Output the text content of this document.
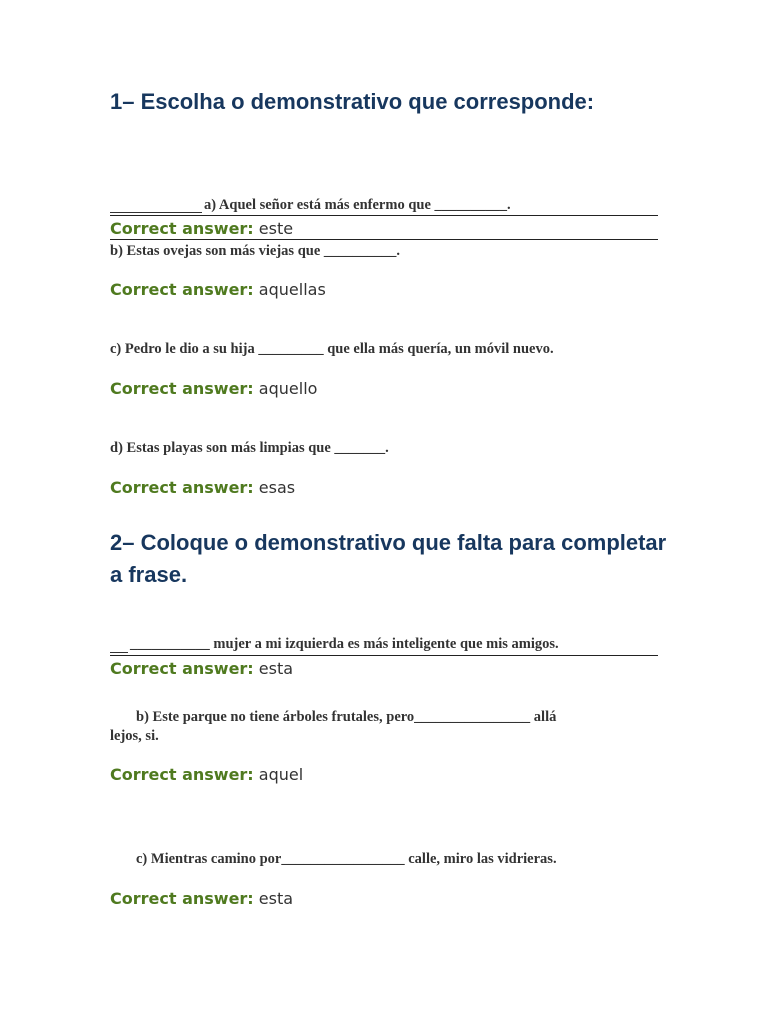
1– Escolha o demonstrativo que corresponde:

a) Aquel señor está más enfermo que __________.

Correct answer: este

b) Estas ovejas son más viejas que __________.

Correct answer: aquellas

c) Pedro le dio a su hija _________ que ella más quería, un móvil nuevo.

Correct answer: aquello

d) Estas playas son más limpias que _______.

Correct answer: esas

2– Coloque o demonstrativo que falta para completar a frase.

___________ mujer a mi izquierda es más inteligente que mis amigos.

Correct answer: esta

b) Este parque no tiene árboles frutales, pero________________ allá

lejos, si.

Correct answer: aquel

c) Mientras camino por_________________ calle, miro las vidrieras.

Correct answer: esta
